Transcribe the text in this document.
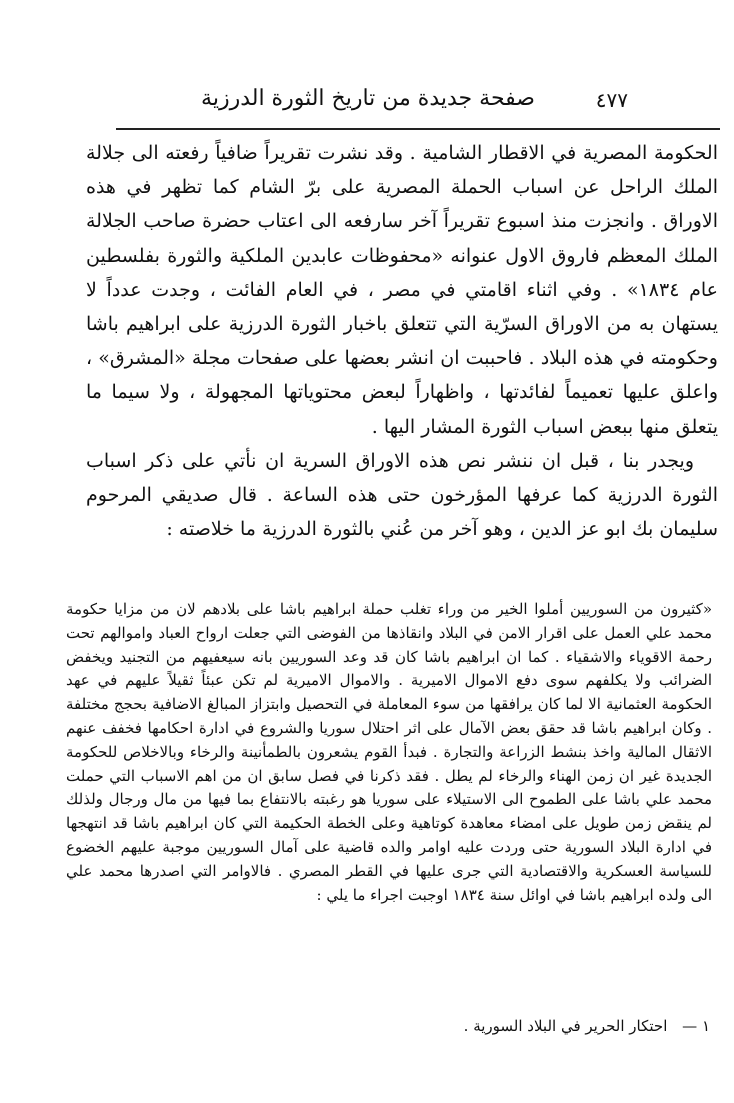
٤٧٧
صفحة جديدة من تاريخ الثورة الدرزية

الحكومة المصرية في الاقطار الشامية . وقد نشرت تقريراً ضافياً رفعته الى جلالة الملك الراحل عن اسباب الحملة المصرية على برّ الشام كما تظهر في هذه الاوراق . وانجزت منذ اسبوع تقريراً آخر سارفعه الى اعتاب حضرة صاحب الجلالة الملك المعظم فاروق الاول عنوانه «محفوظات عابدين الملكية والثورة بفلسطين عام ١٨٣٤» . وفي اثناء اقامتي في مصر ، في العام الفائت ، وجدت عدداً لا يستهان به من الاوراق السرّية التي تتعلق باخبار الثورة الدرزية على ابراهيم باشا وحكومته في هذه البلاد . فاحببت ان انشر بعضها على صفحات مجلة «المشرق» ، واعلق عليها تعميماً لفائدتها ، واظهاراً لبعض محتوياتها المجهولة ، ولا سيما ما يتعلق منها ببعض اسباب الثورة المشار اليها .

ويجدر بنا ، قبل ان ننشر نص هذه الاوراق السرية ان نأتي على ذكر اسباب الثورة الدرزية كما عرفها المؤرخون حتى هذه الساعة . قال صديقي المرحوم سليمان بك ابو عز الدين ، وهو آخر من عُني بالثورة الدرزية ما خلاصته :

«كثيرون من السوريين أملوا الخير من وراء تغلب حملة ابراهيم باشا على بلادهم لان من مزايا حكومة محمد علي العمل على اقرار الامن في البلاد وانقاذها من الفوضى التي جعلت ارواح العباد واموالهم تحت رحمة الاقوياء والاشقياء . كما ان ابراهيم باشا كان قد وعد السوريين بانه سيعفيهم من التجنيد ويخفض الضرائب ولا يكلفهم سوى دفع الاموال الاميرية . والاموال الاميرية لم تكن عبئاً ثقيلاً عليهم في عهد الحكومة العثمانية الا لما كان يرافقها من سوء المعاملة في التحصيل وابتزاز المبالغ الاضافية بحجج مختلفة . وكان ابراهيم باشا قد حقق بعض الآمال على اثر احتلال سوريا والشروع في ادارة احكامها فخفف عنهم الاثقال المالية واخذ بنشط الزراعة والتجارة . فبدأ القوم يشعرون بالطمأنينة والرخاء وبالاخلاص للحكومة الجديدة غير ان زمن الهناء والرخاء لم يطل . فقد ذكرنا في فصل سابق ان من اهم الاسباب التي حملت محمد علي باشا على الطموح الى الاستيلاء على سوريا هو رغبته بالانتفاع بما فيها من مال ورجال ولذلك لم ينقض زمن طويل على امضاء معاهدة كوتاهية وعلى الخطة الحكيمة التي كان ابراهيم باشا قد انتهجها في ادارة البلاد السورية حتى وردت عليه اوامر والده قاضية على آمال السوريين موجبة عليهم الخضوع للسياسة العسكرية والاقتصادية التي جرى عليها في القطر المصري . فالاوامر التي اصدرها محمد علي الى ولده ابراهيم باشا في اوائل سنة ١٨٣٤ اوجبت اجراء ما يلي :

١ — احتكار الحرير في البلاد السورية .
